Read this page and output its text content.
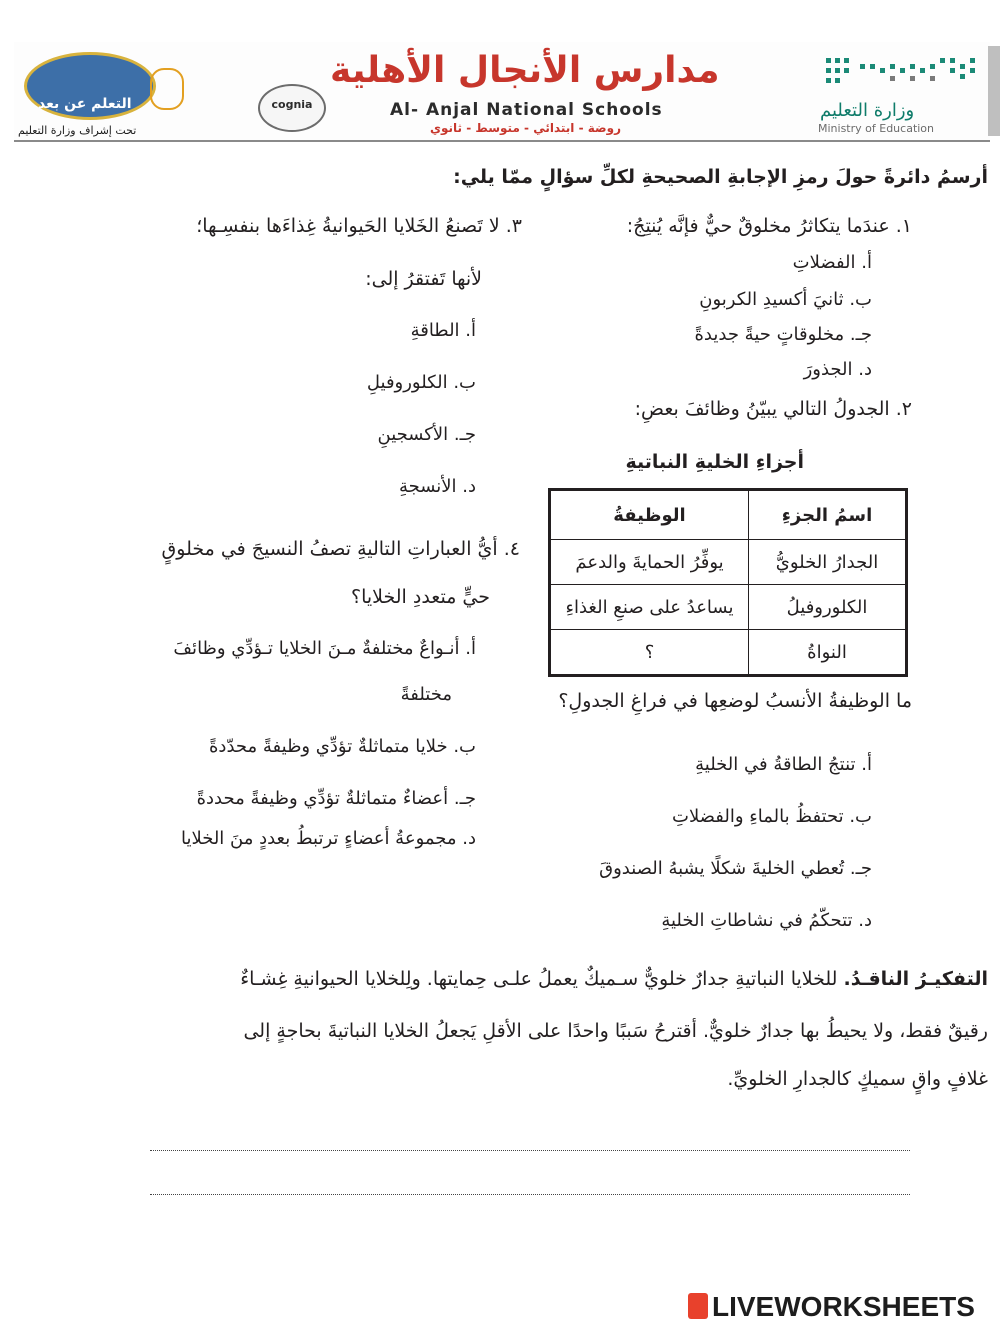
التعلم عن بعد
تحت إشراف وزارة التعليم
cognia
مدارس الأنجال الأهلية
Al- Anjal National Schools
روضة - ابتدائي - متوسط - ثانوي
وزارة التعليم
Ministry of Education
أرسمُ دائرةً حولَ رمزِ الإجابةِ الصحيحةِ لكلِّ سؤالٍ ممّا يلي:
١. عندَما يتكاثرُ مخلوقٌ حيٌّ فإنَّه يُنتِجُ:
أ. الفضلاتِ
ب. ثانيَ أكسيدِ الكربونِ
جـ. مخلوقاتٍ حيةً جديدةً
د. الجذورَ
٢. الجدولُ التالي يبيّنُ وظائفَ بعضِ:
أجزاءِ الخليةِ النباتيةِ
اسمُ الجزءِ	الوظيفةُ
الجدارُ الخلويُّ	يوفِّرُ الحمايةَ والدعمَ
الكلوروفيلُ	يساعدُ على صنعِ الغذاءِ
النواةُ	؟
ما الوظيفةُ الأنسبُ لوضعِها في فراغِ الجدولِ؟
أ. تنتجُ الطاقةُ في الخليةِ
ب. تحتفظُ بالماءِ والفضلاتِ
جـ. تُعطي الخليةَ شكلًا يشبهُ الصندوقَ
د. تتحكّمُ في نشاطاتِ الخليةِ
٣. لا تَصنعُ الخَلايا الحَيوانيةُ غِذاءَها بنفسِـها؛
لأنها تَفتقرُ إلى:
أ. الطاقةِ
ب. الكلوروفيلِ
جـ. الأكسجينِ
د. الأنسجةِ
٤. أيُّ العباراتِ التاليةِ تصفُ النسيجَ في مخلوقٍ
حيٍّ متعددِ الخلايا؟
أ. أنـواعٌ مختلفةٌ مـنَ الخلايا تـؤدِّي وظائفَ
مختلفةً
ب. خلايا متماثلةٌ تؤدِّي وظيفةً محدّدةً
جـ. أعضاءٌ متماثلةٌ تؤدِّي وظيفةً محددةً
د. مجموعةُ أعضاءٍ ترتبطُ بعددٍ منَ الخلايا
التفكيـرُ الناقـدُ. للخلايا النباتيةِ جدارٌ خلويٌّ سـميكٌ يعملُ علـى حِمايتها. ولِلخلايا الحيوانيةِ غِشـاءٌ
رقيقٌ فقط، ولا يحيطُ بها جدارٌ خلويٌّ. أقترحُ سَببًا واحدًا على الأقلِ يَجعلُ الخلايا النباتيةَ بحاجةٍ إلى
غلافٍ واقٍ سميكٍ كالجدارِ الخلويِّ.
LIVEWORKSHEETS
